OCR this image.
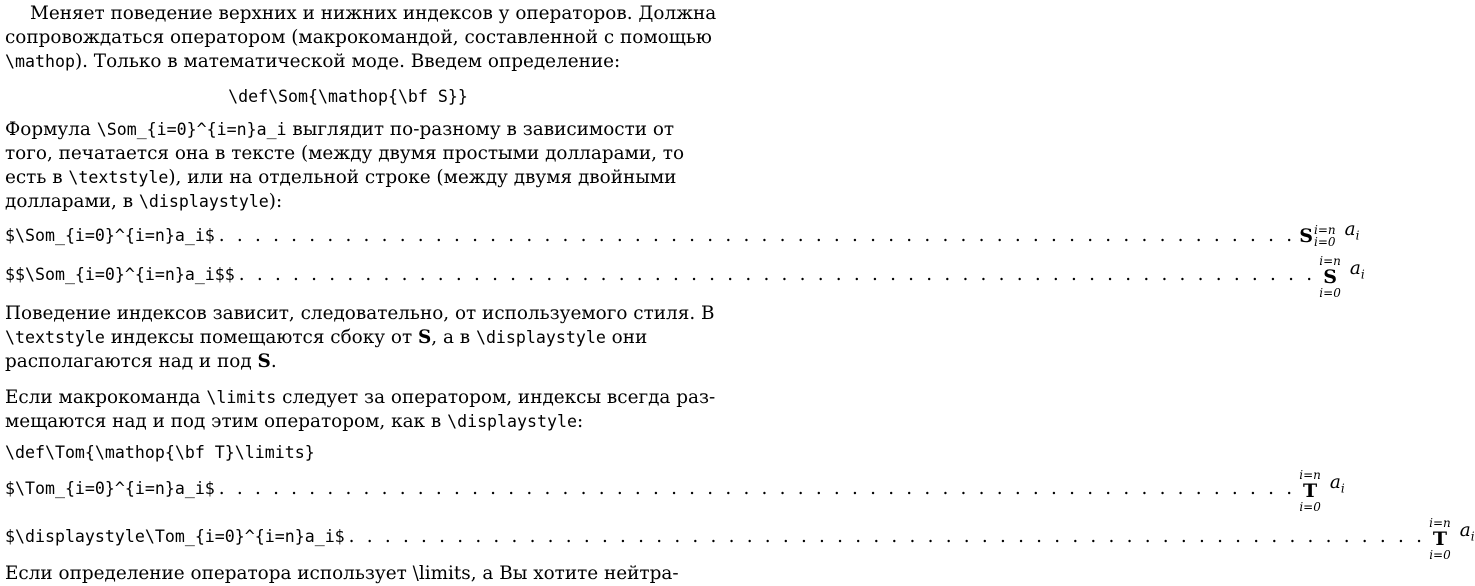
Меняет поведение верхних и нижних индексов у операторов. Должна
сопровождаться оператором (макрокомандой, составленной с помощью
\mathop). Только в математической моде. Введем определение:
\def\Som{\mathop{\bf S}}
Формула \Som_{i=0}^{i=n}a_i выглядит по-разному в зависимости от
того, печатается она в тексте (между двумя простыми долларами, то
есть в \textstyle), или на отдельной строке (между двумя двойными
долларами, в \displaystyle):
$\Som_{i=0}^{i=n}a_i$ . . . . . . . . . . . . . . . . . . . . . . . . . . . . . . . . . . . . . . . . . . . . . . . . . . . . . . . . . . . . S i=n
i=0
$a_i$
$$\Som_{i=0}^{i=n}a_i$$ . . . . . . . . . . . . . . . . . . . . . . . . . . . . . . . . . . . . . . . . . . . . . . . . . . . . . . . . . . . .
i=n
S
i=0
$a_i$
Поведение индексов зависит, следовательно, от используемого стиля. В
\textstyle индексы помещаются сбоку от S, а в \displaystyle они
располагаются над и под S.
Если макрокоманда \limits следует за оператором, индексы всегда раз-
мещаются над и под этим оператором, как в \displaystyle:
\def\Tom{\mathop{\bf T}\limits}
$\Tom_{i=0}^{i=n}a_i$ . . . . . . . . . . . . . . . . . . . . . . . . . . . . . . . . . . . . . . . . . . . . . . . . . . . . . . . . . . . .
i=n
T
i=0
$a_i$
$\displaystyle\Tom_{i=0}^{i=n}a_i$ . . . . . . . . . . . . . . . . . . . . . . . . . . . . . . . . . . . . . . . . . . . . . . . . . . . . . . . . . . . .
i=n
T
i=0
$a_i$
Если определение оператора использует \limits, а Вы хотите нейтра-
